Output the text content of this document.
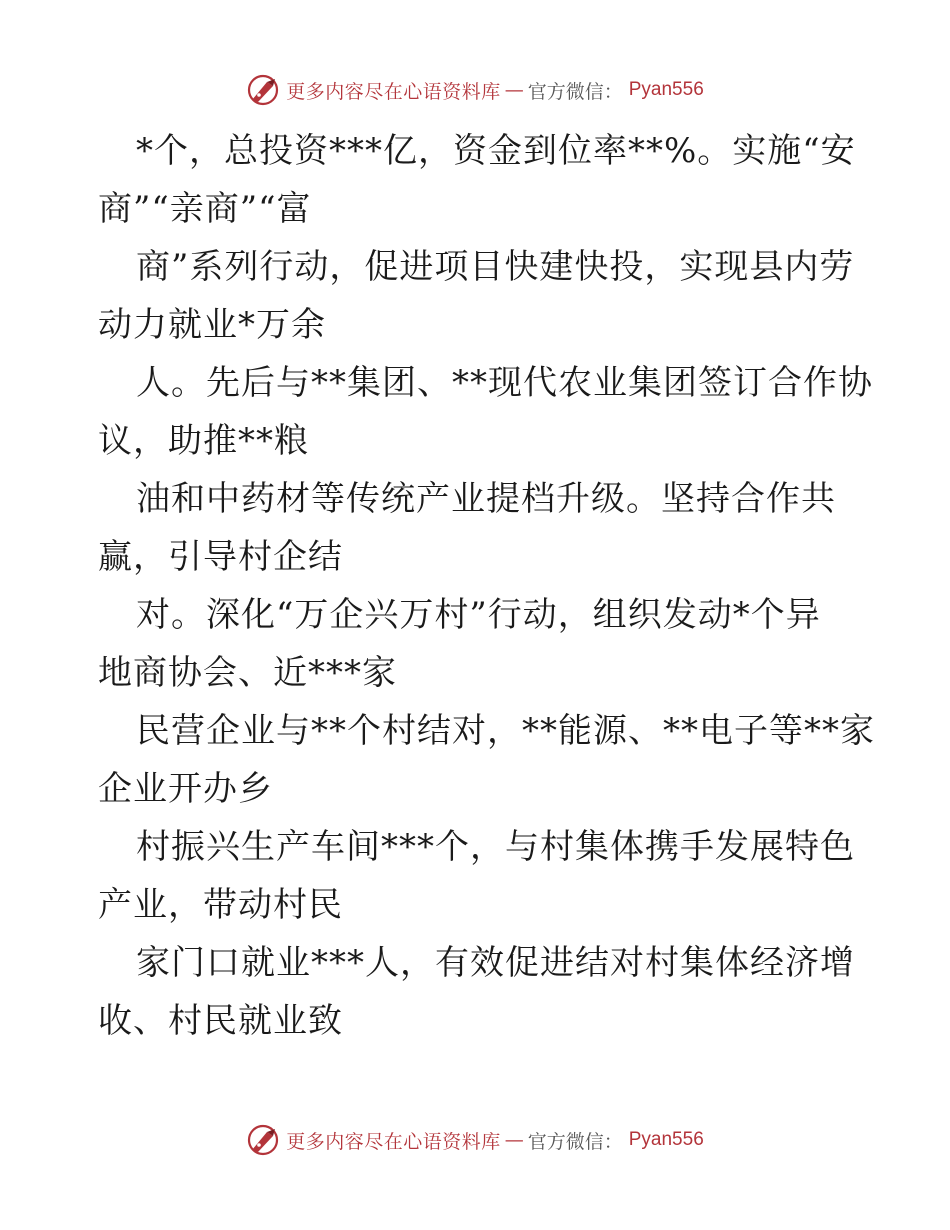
更多内容尽在心语资料库 — 官方微信： Pyan556
*个，总投资***亿，资金到位率**%。实施“安
商”“亲商”“富
商”系列行动，促进项目快建快投，实现县内劳
动力就业*万余
人。先后与**集团、**现代农业集团签订合作协
议，助推**粮
油和中药材等传统产业提档升级。坚持合作共
赢，引导村企结
对。深化“万企兴万村”行动，组织发动*个异
地商协会、近***家
民营企业与**个村结对，**能源、**电子等**家
企业开办乡
村振兴生产车间***个，与村集体携手发展特色
产业，带动村民
家门口就业***人，有效促进结对村集体经济增
收、村民就业致
更多内容尽在心语资料库 — 官方微信： Pyan556
